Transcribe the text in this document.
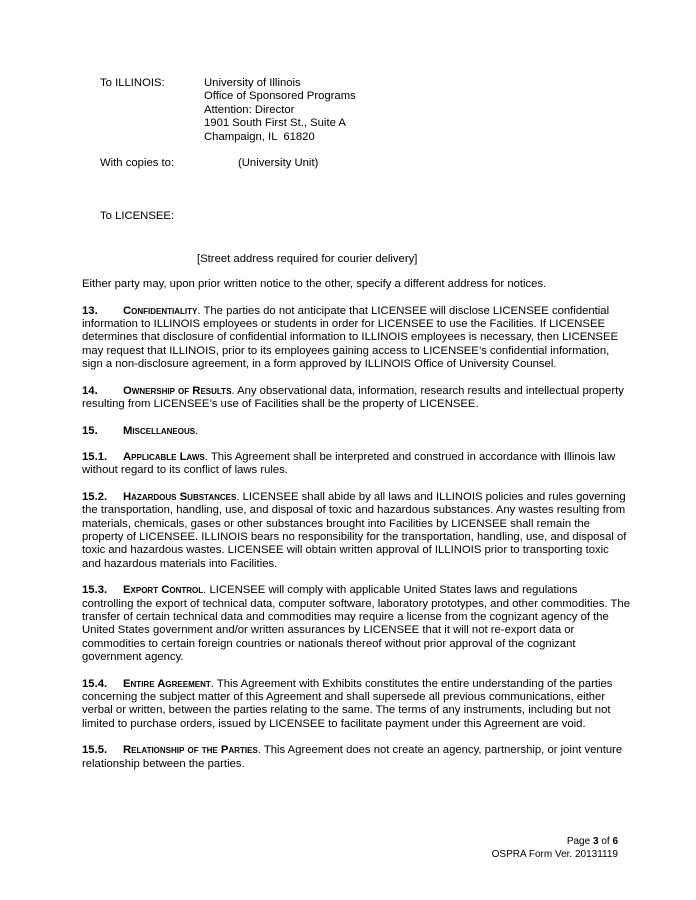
To ILLINOIS:	University of Illinois
Office of Sponsored Programs
Attention: Director
1901 South First St., Suite A
Champaign, IL  61820
With copies to:	(University Unit)
To LICENSEE:
[Street address required for courier delivery]

Either party may, upon prior written notice to the other, specify a different address for notices.

13. Confidentiality. The parties do not anticipate that LICENSEE will disclose LICENSEE confidential information to ILLINOIS employees or students in order for LICENSEE to use the Facilities. If LICENSEE determines that disclosure of confidential information to ILLINOIS employees is necessary, then LICENSEE may request that ILLINOIS, prior to its employees gaining access to LICENSEE’s confidential information, sign a non-disclosure agreement, in a form approved by ILLINOIS Office of University Counsel.

14. Ownership of Results. Any observational data, information, research results and intellectual property resulting from LICENSEE’s use of Facilities shall be the property of LICENSEE.

15. Miscellaneous.

15.1. Applicable Laws. This Agreement shall be interpreted and construed in accordance with Illinois law without regard to its conflict of laws rules.

15.2. Hazardous Substances. LICENSEE shall abide by all laws and ILLINOIS policies and rules governing the transportation, handling, use, and disposal of toxic and hazardous substances. Any wastes resulting from materials, chemicals, gases or other substances brought into Facilities by LICENSEE shall remain the property of LICENSEE. ILLINOIS bears no responsibility for the transportation, handling, use, and disposal of toxic and hazardous wastes. LICENSEE will obtain written approval of ILLINOIS prior to transporting toxic and hazardous materials into Facilities.

15.3. Export Control. LICENSEE will comply with applicable United States laws and regulations controlling the export of technical data, computer software, laboratory prototypes, and other commodities. The transfer of certain technical data and commodities may require a license from the cognizant agency of the United States government and/or written assurances by LICENSEE that it will not re-export data or commodities to certain foreign countries or nationals thereof without prior approval of the cognizant government agency.

15.4. Entire Agreement. This Agreement with Exhibits constitutes the entire understanding of the parties concerning the subject matter of this Agreement and shall supersede all previous communications, either verbal or written, between the parties relating to the same. The terms of any instruments, including but not limited to purchase orders, issued by LICENSEE to facilitate payment under this Agreement are void.

15.5. Relationship of the Parties. This Agreement does not create an agency, partnership, or joint venture relationship between the parties.

Page 3 of 6
OSPRA Form Ver. 20131119
